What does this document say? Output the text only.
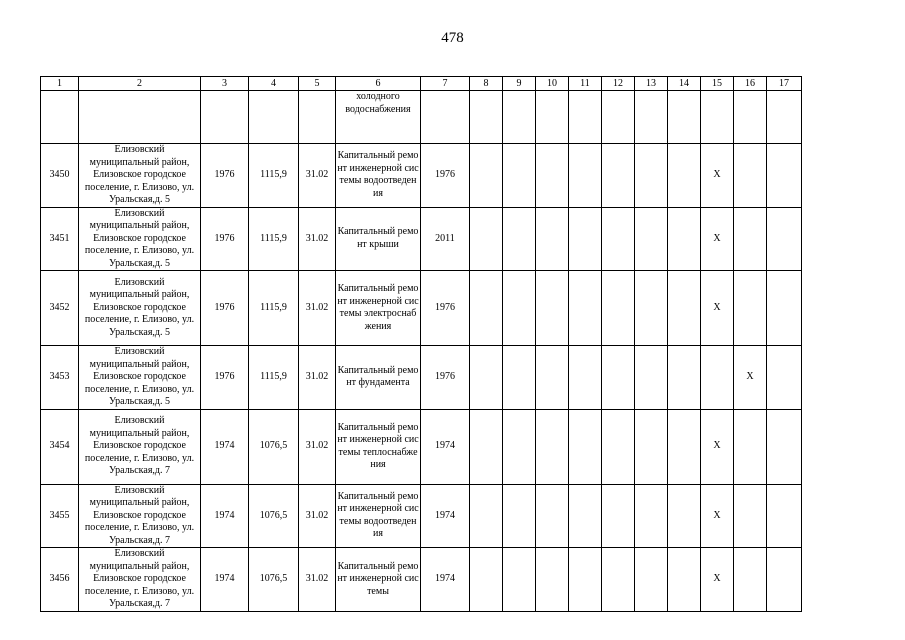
478
1	2	3	4	5	6	7	8	9	10	11	12	13	14	15	16	17
					холодного водоснабжения											
3450	Елизовский муниципальный район, Елизовское городское поселение, г. Елизово, ул. Уральская,д. 5	1976	1115,9	31.02	Капитальный ремонт инженерной системы водоотведения	1976								X		
3451	Елизовский муниципальный район, Елизовское городское поселение, г. Елизово, ул. Уральская,д. 5	1976	1115,9	31.02	Капитальный ремонт крыши	2011								X		
3452	Елизовский муниципальный район, Елизовское городское поселение, г. Елизово, ул. Уральская,д. 5	1976	1115,9	31.02	Капитальный ремонт инженерной системы электроснабжения	1976								X		
3453	Елизовский муниципальный район, Елизовское городское поселение, г. Елизово, ул. Уральская,д. 5	1976	1115,9	31.02	Капитальный ремонт фундамента	1976									X	
3454	Елизовский муниципальный район, Елизовское городское поселение, г. Елизово, ул. Уральская,д. 7	1974	1076,5	31.02	Капитальный ремонт инженерной системы теплоснабжения	1974								X		
3455	Елизовский муниципальный район, Елизовское городское поселение, г. Елизово, ул. Уральская,д. 7	1974	1076,5	31.02	Капитальный ремонт инженерной системы водоотведения	1974								X		
3456	Елизовский муниципальный район, Елизовское городское поселение, г. Елизово, ул. Уральская,д. 7	1974	1076,5	31.02	Капитальный ремонт инженерной системы	1974								X		
